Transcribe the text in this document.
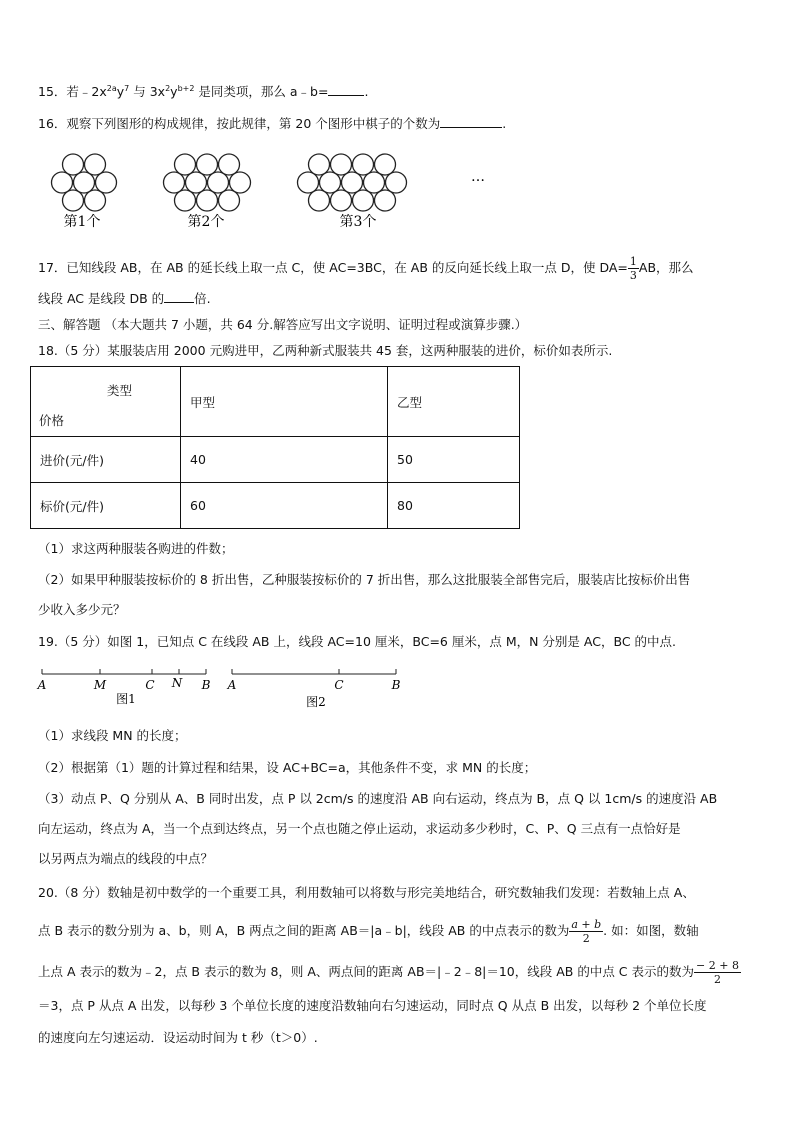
15．若$﹣2x^{2a}y^7$ 与 $3x^2y^{b+2}$ 是同类项，那么 a﹣b=	.
16．观察下列图形的构成规律，按此规律，第 20 个图形中棋子的个数为	.
第1个	第2个	第3个
…
17．已知线段 AB，在 AB 的延长线上取一点 C，使 AC=3BC，在 AB 的反向延长线上取一点 D，使 $DA= \frac{1}{3}$ AB，那么
线段 AC 是线段 DB 的 倍.
三、解答题 （本大题共 7 小题，共 64 分.解答应写出文字说明、证明过程或演算步骤.）
18.（5 分）某服装店用 2000 元购进甲，乙两种新式服装共 45 套，这两种服装的进价，标价如表所示.
类型
价格	甲型	乙型
进价(元/件)	40	50
标价(元/件)	60	80
（1）求这两种服装各购进的件数；
（2）如果甲种服装按标价的 8 折出售，乙种服装按标价的 7 折出售，那么这批服装全部售完后，服装店比按标价出售
少收入多少元？
19.（5 分）如图 1，已知点 C 在线段 AB 上，线段 AC=10 厘米，BC=6 厘米，点 M，N 分别是 AC，BC 的中点.
A	M	C N B
图1
A	C	B
图2
（1）求线段 MN 的长度；
（2）根据第（1）题的计算过程和结果，设 AC+BC=a，其他条件不变，求 MN 的长度；
（3）动点 P、Q 分别从 A、B 同时出发，点 P 以 2cm/s 的速度沿 AB 向右运动，终点为 B，点 Q 以 1cm/s 的速度沿 AB
向左运动，终点为 A，当一个点到达终点，另一个点也随之停止运动，求运动多少秒时，C、P、Q 三点有一点恰好是
以另两点为端点的线段的中点？
20.（8 分）数轴是初中数学的一个重要工具，利用数轴可以将数与形完美地结合，研究数轴我们发现：若数轴上点 A、
点 B 表示的数分别为 a、b，则 A，B 两点之间的距离 AB＝|a﹣b|，线段 AB 的中点表示的数为 $\frac{a + b}{2}$ . 如：如图，数轴
上点 A 表示的数为﹣2，点 B 表示的数为 8，则 A、两点间的距离 AB＝|﹣2﹣8|＝10，线段 AB 的中点 C 表示的数为 $\frac{- 2 + 8}{2}$
＝3，点 P 从点 A 出发，以每秒 3 个单位长度的速度沿数轴向右匀速运动，同时点 Q 从点 B 出发，以每秒 2 个单位长度
的速度向左匀速运动．设运动时间为 t 秒（t＞0）.
